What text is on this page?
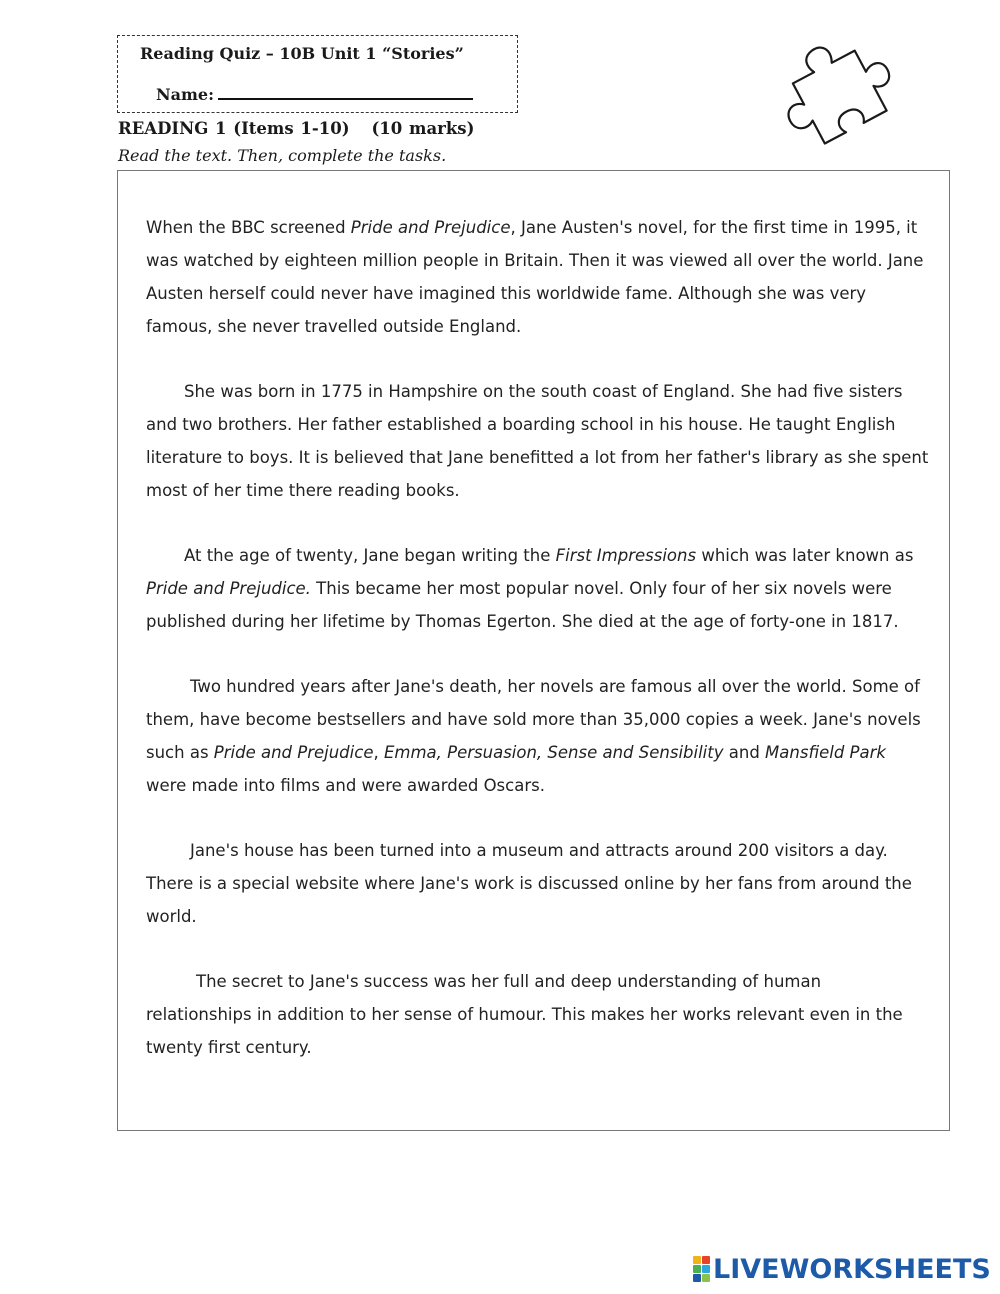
Reading Quiz – 10B Unit 1 “Stories”
Name:
READING 1 (Items 1-10) (10 marks)
Read the text. Then, complete the tasks.

When the BBC screened Pride and Prejudice, Jane Austen's novel, for the first time in 1995, it was watched by eighteen million people in Britain. Then it was viewed all over the world. Jane Austen herself could never have imagined this worldwide fame. Although she was very famous, she never travelled outside England.

She was born in 1775 in Hampshire on the south coast of England. She had five sisters and two brothers. Her father established a boarding school in his house. He taught English literature to boys. It is believed that Jane benefitted a lot from her father's library as she spent most of her time there reading books.

At the age of twenty, Jane began writing the First Impressions which was later known as Pride and Prejudice. This became her most popular novel. Only four of her six novels were published during her lifetime by Thomas Egerton. She died at the age of forty-one in 1817.

Two hundred years after Jane's death, her novels are famous all over the world. Some of them, have become bestsellers and have sold more than 35,000 copies a week. Jane's novels such as Pride and Prejudice, Emma, Persuasion, Sense and Sensibility and Mansfield Park were made into films and were awarded Oscars.

Jane's house has been turned into a museum and attracts around 200 visitors a day. There is a special website where Jane's work is discussed online by her fans from around the world.

The secret to Jane's success was her full and deep understanding of human relationships in addition to her sense of humour. This makes her works relevant even in the twenty first century.

LIVEWORKSHEETS
